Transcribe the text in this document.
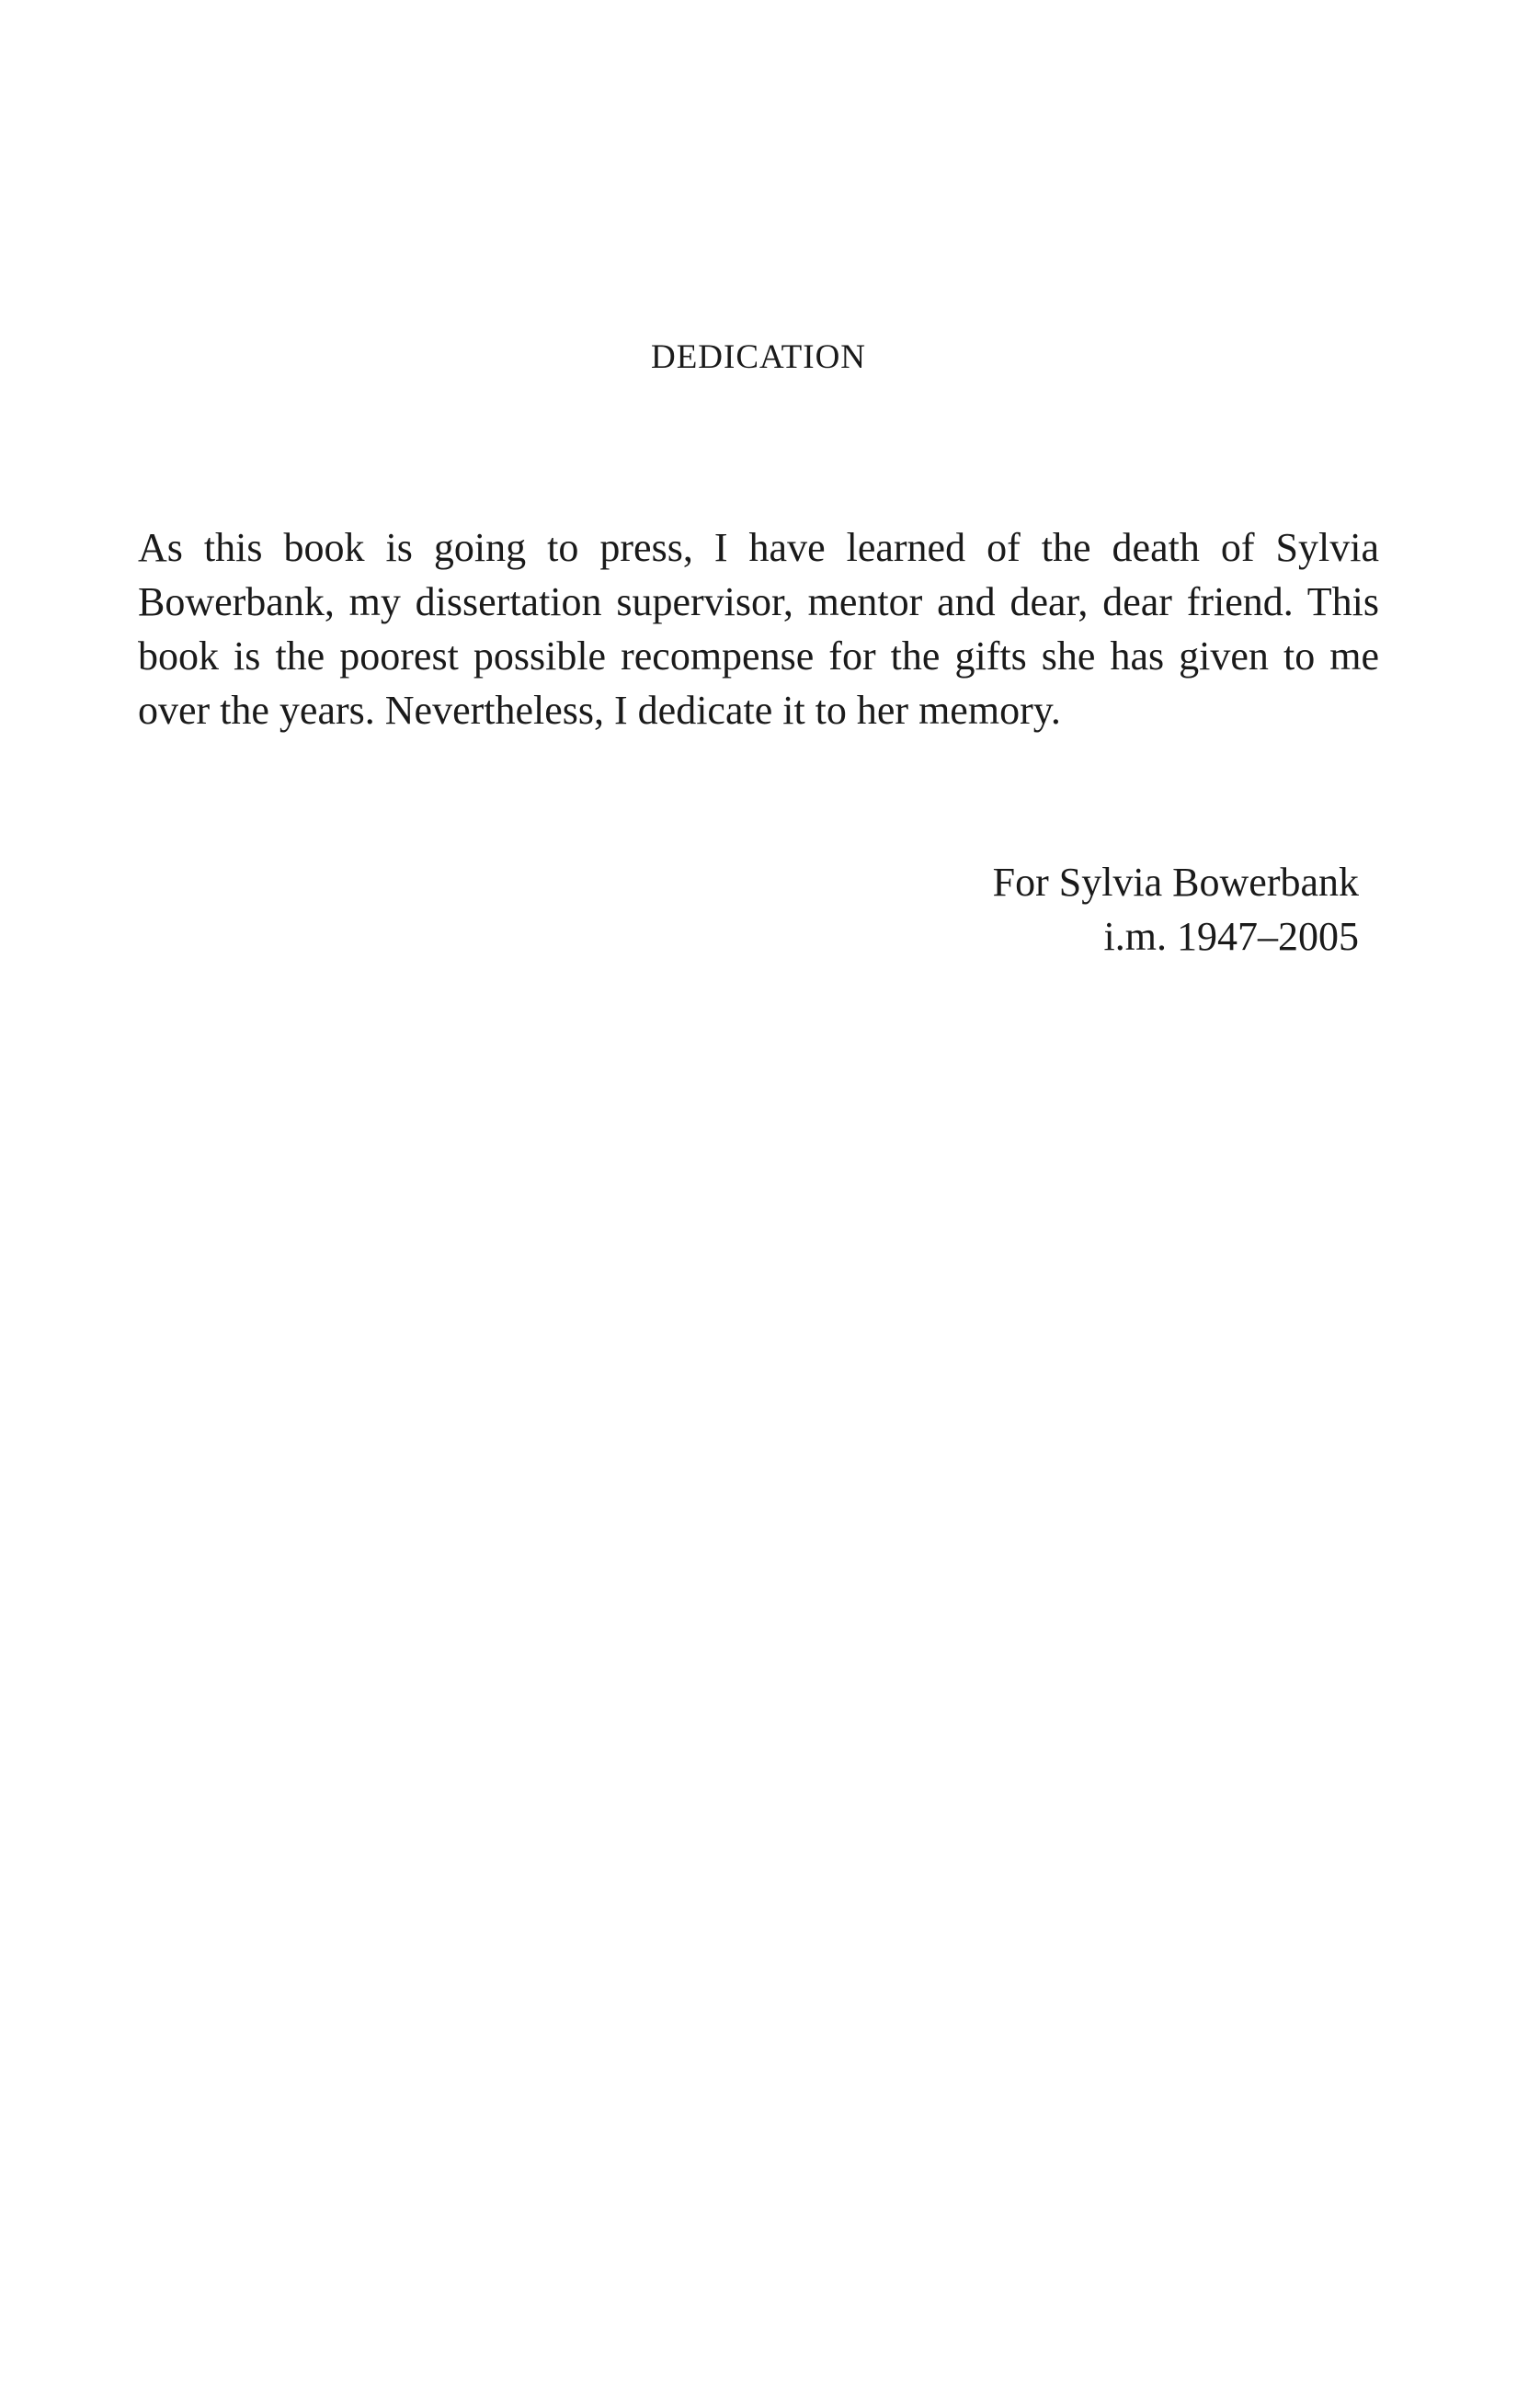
DEDICATION
As this book is going to press, I have learned of the death of Sylvia Bowerbank, my dissertation supervisor, mentor and dear, dear friend. This book is the poorest possible recompense for the gifts she has given to me over the years. Nevertheless, I dedicate it to her memory.
For Sylvia Bowerbank
i.m. 1947–2005
